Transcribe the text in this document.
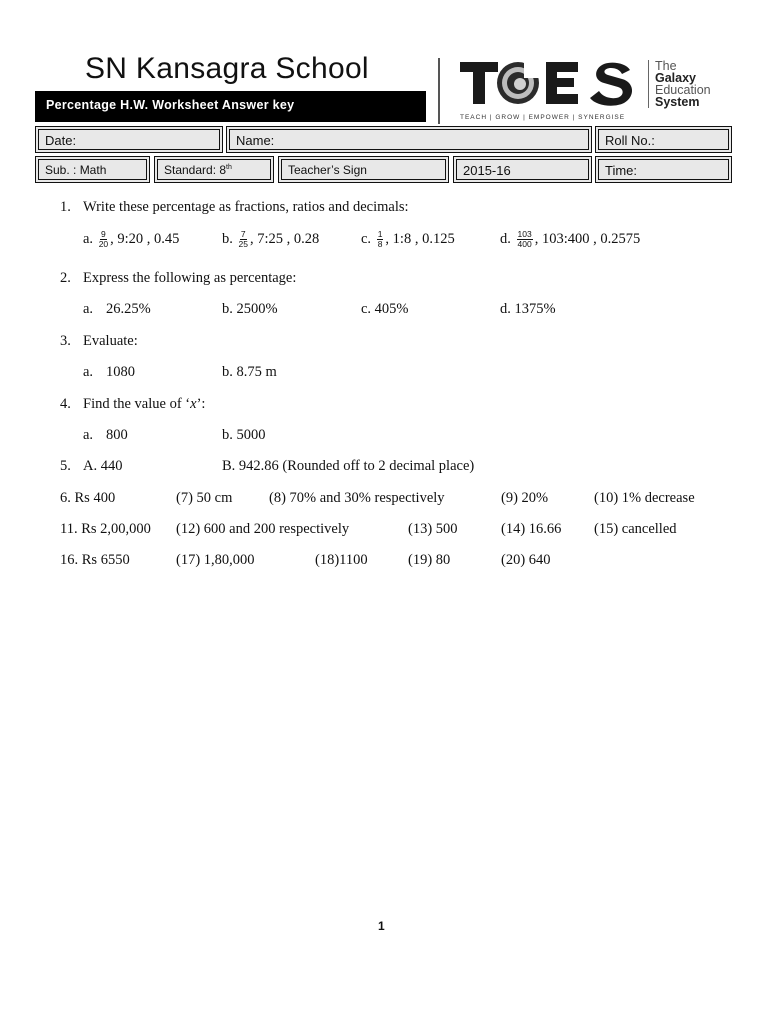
SN Kansagra School
Percentage H.W. Worksheet Answer key
TEACH | GROW | EMPOWER | SYNERGISE
The
Galaxy
Education
System
Date:	Name:	Roll No.:
Sub. : Math	Standard: 8th	Teacher’s Sign	2015-16	Time:
1. Write these percentage as fractions, ratios and decimals:
a. $\frac{9}{20}$ , 9:20 , 0.45	b. $\frac{7}{25}$ , 7:25 , 0.28	c. $\frac{1}{8}$ , 1:8 , 0.125	d. $\frac{103}{400}$ , 103:400 , 0.2575
2. Express the following as percentage:
a. 26.25%	b. 2500%	c. 405%	d. 1375%
3. Evaluate:
a. 1080	b. 8.75 m
4. Find the value of ‘x’:
a. 800	b. 5000
5. A. 440	B. 942.86 (Rounded off to 2 decimal place)
6. Rs 400	(7) 50 cm	(8) 70% and 30% respectively	(9) 20%	(10) 1% decrease
11. Rs 2,00,000 (12) 600 and 200 respectively	(13) 500	(14) 16.66 (15) cancelled
16. Rs 6550	(17) 1,80,000	(18)1100	(19) 80	(20) 640
1
